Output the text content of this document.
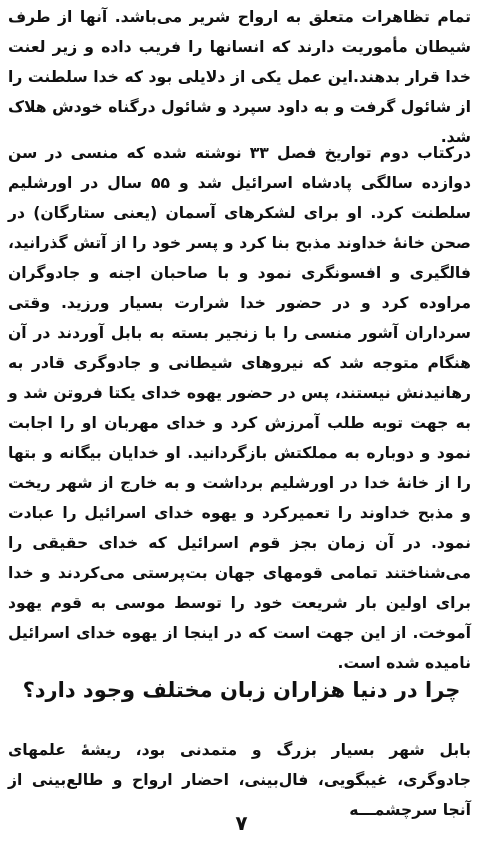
تمام تظاهرات متعلق به ارواح شریر می‌باشد. آنها از طرف شیطان مأموریت دارند که انسانها را فریب داده و زیر لعنت خدا قرار بدهند.این عمل یکی از دلایلی بود که خدا سلطنت را از شائول گرفت و به داود سپرد و شائول درگناه خودش هلاک شد.

درکتاب دوم تواریخ فصل ۳۳ نوشته شده که منسی در سن دوازده سالگی پادشاه اسرائیل شد و ۵۵ سال در اورشلیم سلطنت کرد. او برای لشکرهای آسمان (یعنی ستارگان) در صحن خانۀ خداوند مذبح بنا کرد و پسر خود را از آتش گذرانید، فالگیری و افسونگری نمود و با صاحبان اجنه و جادوگران مراوده کرد و در حضور خدا شرارت بسیار ورزید. وقتی سرداران آشور منسی را با زنجیر بسته به بابل آوردند در آن هنگام متوجه شد که نیروهای شیطانی و جادوگری قادر به رهانیدنش نیستند، پس در حضور یهوه خدای یکتا فروتن شد و به جهت توبه طلب آمرزش کرد و خدای مهربان او را اجابت نمود و دوباره به مملکتش بازگردانید. او خدایان بیگانه و بتها را از خانۀ خدا در اورشلیم برداشت و به خارج از شهر ریخت و مذبح خداوند را تعمیرکرد و یهوه خدای اسرائیل را عبادت نمود. در آن زمان بجز قوم اسرائیل که خدای حقیقی را می‌شناختند تمامی قومهای جهان بت‌پرستی می‌کردند و خدا برای اولین بار شریعت خود را توسط موسی به قوم یهود آموخت. از این جهت است که در اینجا از یهوه خدای اسرائیل نامیده شده است.

چرا در دنیا هزاران زبان مختلف وجود دارد؟

بابل شهر بسیار بزرگ و متمدنی بود، ریشۀ علمهای جادوگری، غیبگویی، فال‌بینی، احضار ارواح و طالع‌بینی از آنجا سرچشمـــه

۷
